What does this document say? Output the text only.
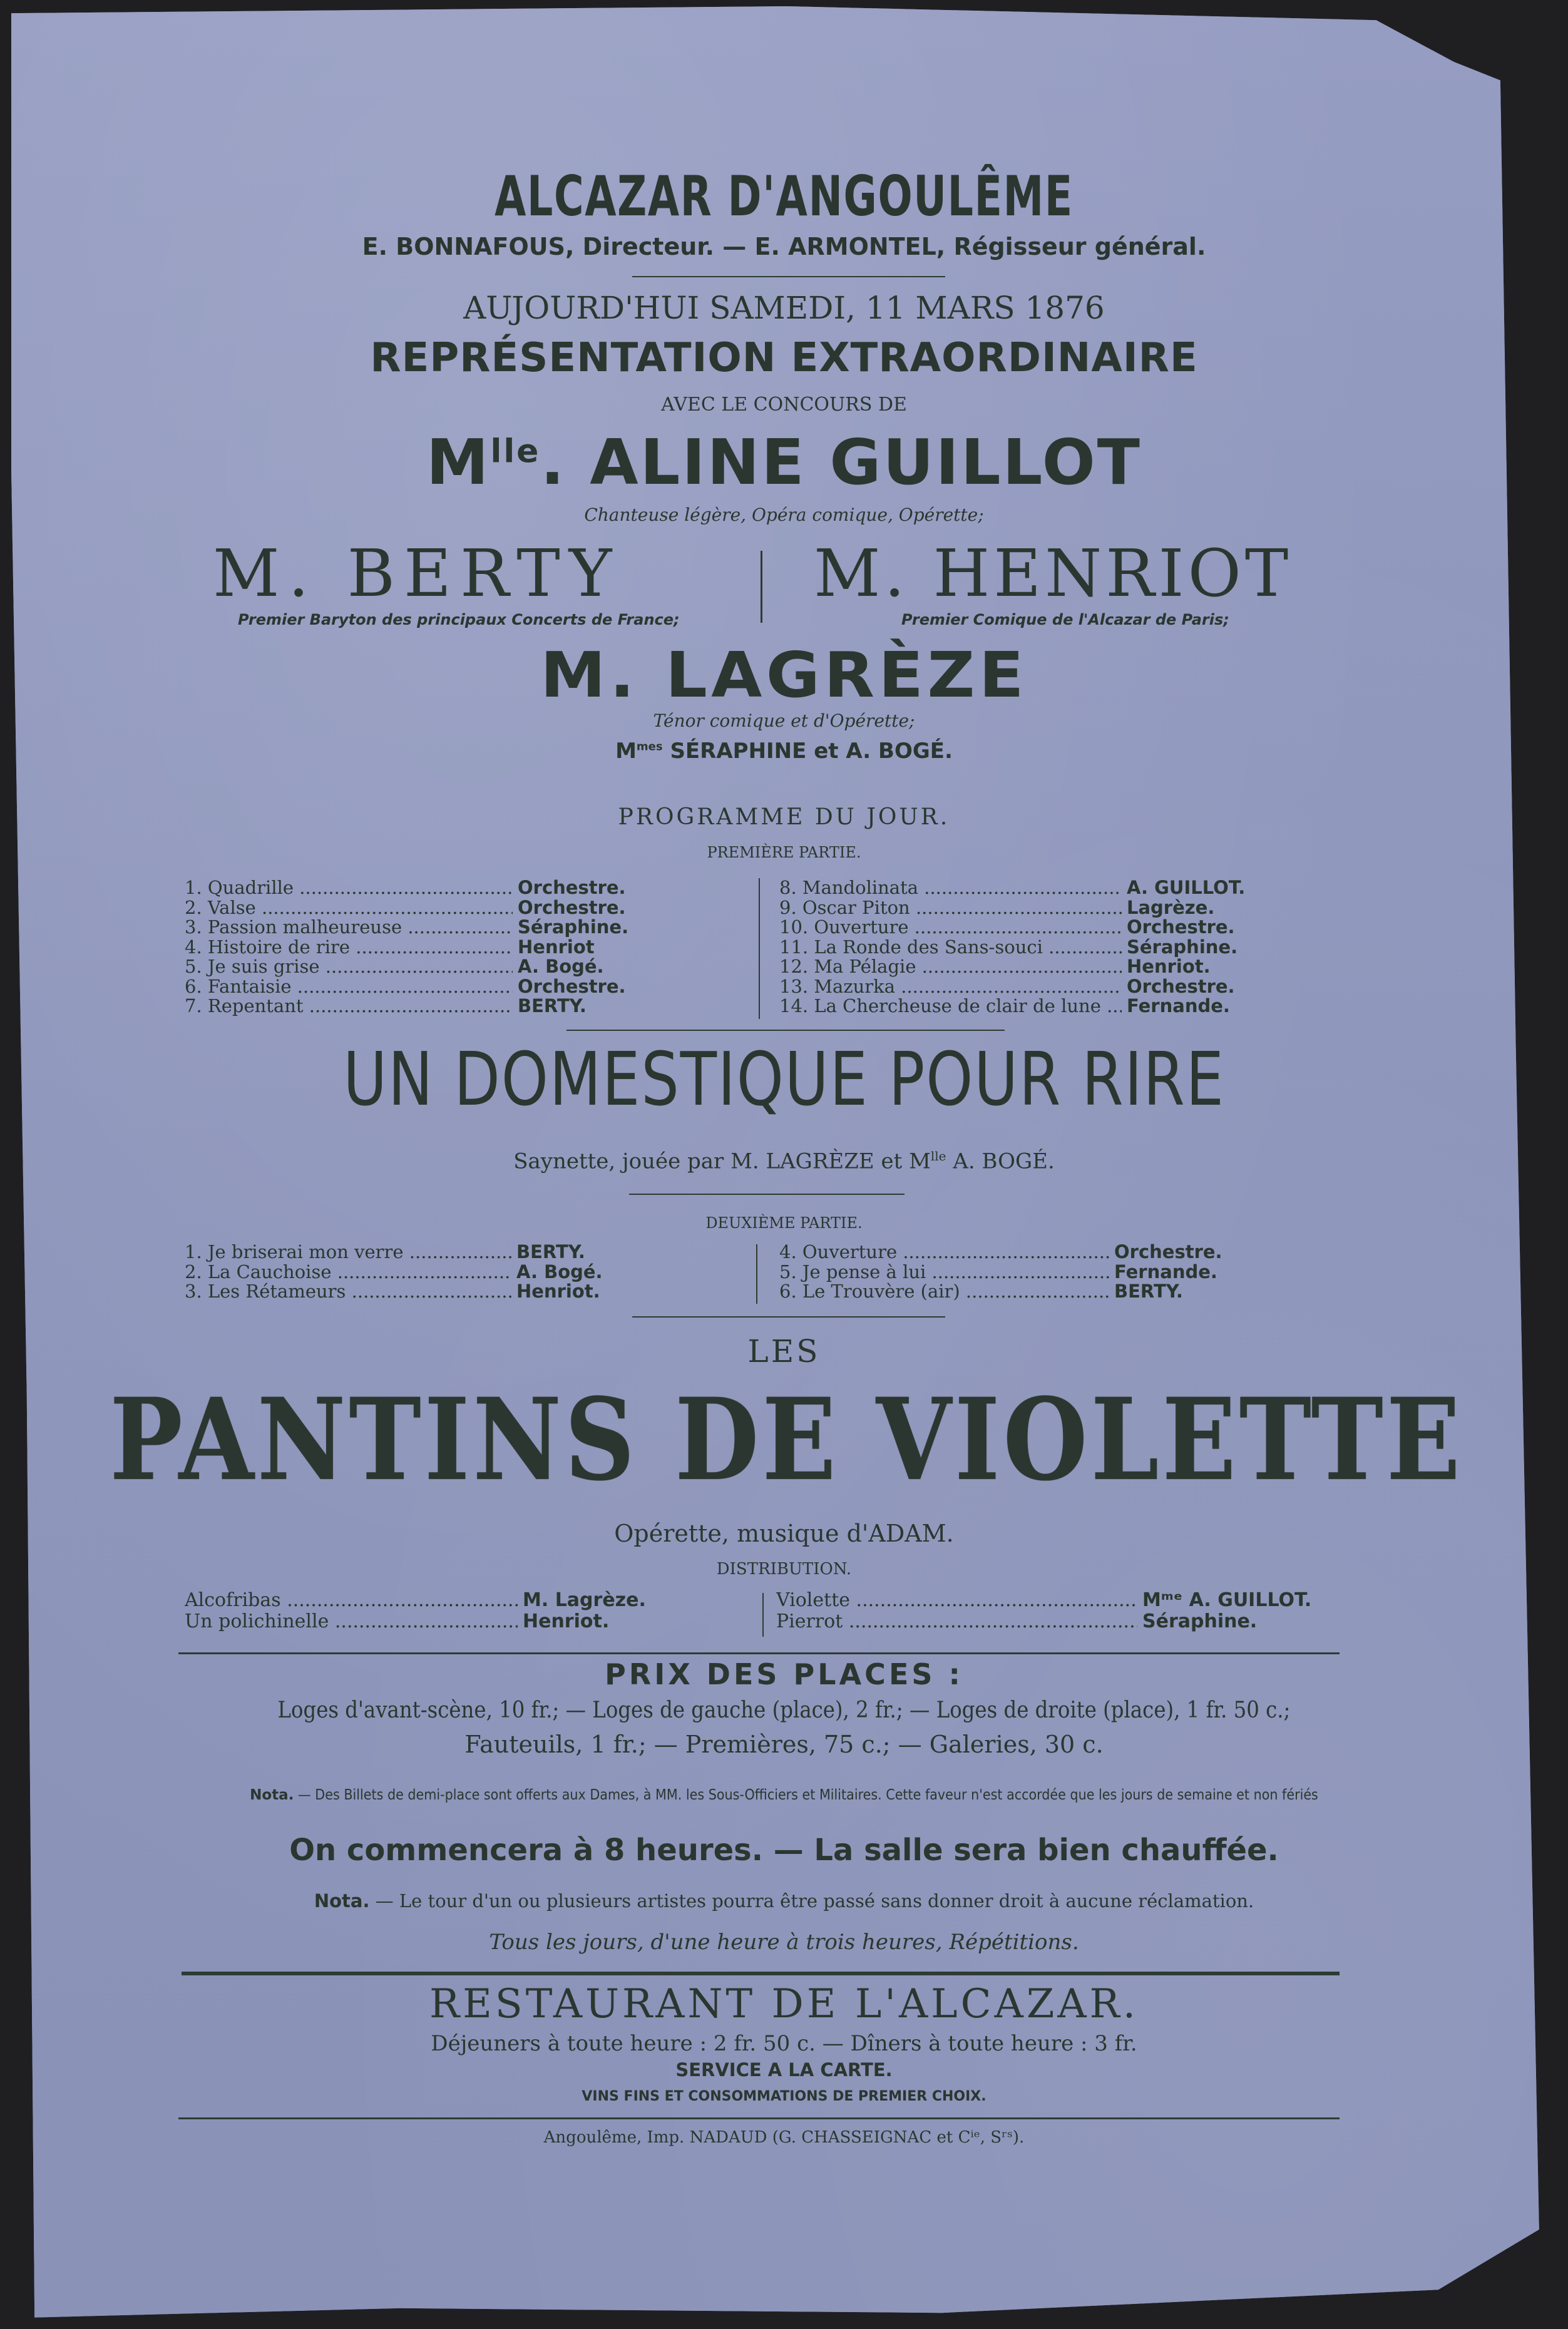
ALCAZAR D'ANGOULÊME
E. BONNAFOUS, Directeur. — E. ARMONTEL, Régisseur général.
AUJOURD'HUI SAMEDI, 11 MARS 1876
REPRÉSENTATION EXTRAORDINAIRE
AVEC LE CONCOURS DE
$M^{lle}$. ALINE GUILLOT
Chanteuse légère, Opéra comique, Opérette;
M. BERTY
Premier Baryton des principaux Concerts de France;
M. HENRIOT
Premier Comique de l'Alcazar de Paris;
M. LAGRÈZE
Ténor comique et d'Opérette;
$M^{mes}$ SÉRAPHINE et A. BOGÉ.
PROGRAMME DU JOUR.
PREMIÈRE PARTIE.
1. Quadrille .....	Orchestre.
2. Valse .....	Orchestre.
3. Passion malheureuse .....	Séraphine.
4. Histoire de rire .....	Henriot
5. Je suis grise .....	A. Bogé.
6. Fantaisie .....	Orchestre.
7. Repentant .....	BERTY.
8. Mandolinata .....	A. GUILLOT.
9. Oscar Piton .....	Lagrèze.
10. Ouverture .....	Orchestre.
11. La Ronde des Sans-souci .....	Séraphine.
12. Ma Pélagie .....	Henriot.
13. Mazurka .....	Orchestre.
14. La Chercheuse de clair de lune .....	Fernande.
UN DOMESTIQUE POUR RIRE
Saynette, jouée par M. LAGRÈZE et $M^{lle}$ A. BOGÉ.
DEUXIÈME PARTIE.
1. Je briserai mon verre .....	BERTY.
2. La Cauchoise .....	A. Bogé.
3. Les Rétameurs .....	Henriot.
4. Ouverture .....	Orchestre.
5. Je pense à lui .....	Fernande.
6. Le Trouvère (air) .....	BERTY.
LES
PANTINS DE VIOLETTE
Opérette, musique d'ADAM.
DISTRIBUTION.
Alcofribas .....	M. Lagrèze.
Un polichinelle .....	Henriot.
Violette .....	Mᵐᵉ A. GUILLOT.
Pierrot .....	Séraphine.
PRIX DES PLACES :
Loges d'avant-scène, 10 fr.; — Loges de gauche (place), 2 fr.; — Loges de droite (place), 1 fr. 50 c.;
Fauteuils, 1 fr.; — Premières, 75 c.; — Galeries, 30 c.
Nota. — Des Billets de demi-place sont offerts aux Dames, à MM. les Sous-Officiers et Militaires. Cette faveur n'est accordée que les jours de semaine et non fériés
On commencera à 8 heures. — La salle sera bien chauffée.
Nota. — Le tour d'un ou plusieurs artistes pourra être passé sans donner droit à aucune réclamation.
Tous les jours, d'une heure à trois heures, Répétitions.
RESTAURANT DE L'ALCAZAR.
Déjeuners à toute heure : 2 fr. 50 c. — Dîners à toute heure : 3 fr.
SERVICE A LA CARTE.
VINS FINS ET CONSOMMATIONS DE PREMIER CHOIX.
Angoulême, Imp. NADAUD (G. CHASSEIGNAC et Cⁱᵉ, Sʳˢ).
